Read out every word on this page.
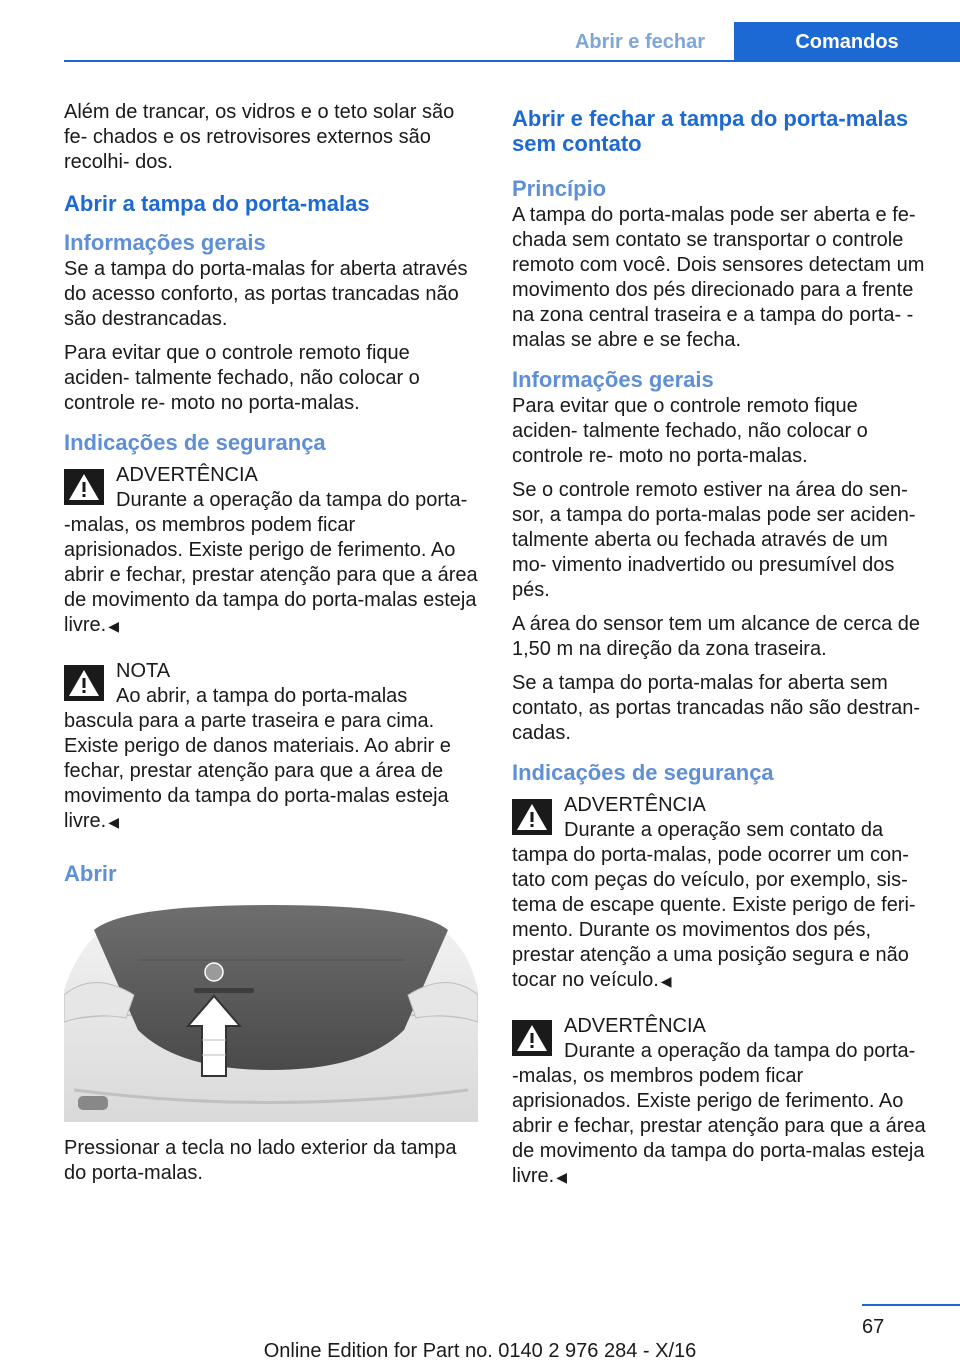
Abrir e fechar	Comandos

Além de trancar, os vidros e o teto solar são fe‐ chados e os retrovisores externos são recolhi‐ dos.

Abrir a tampa do porta-malas
Informações gerais

Se a tampa do porta-malas for aberta através do acesso conforto, as portas trancadas não são destrancadas.

Para evitar que o controle remoto fique aciden‐ talmente fechado, não colocar o controle re‐ moto no porta-malas.

Indicações de segurança
ADVERTÊNCIA
Durante a operação da tampa do porta‐ -malas, os membros podem ficar aprisionados. Existe perigo de ferimento. Ao abrir e fechar, prestar atenção para que a área de movimento da tampa do porta-malas esteja livre. ◀
NOTA
Ao abrir, a tampa do porta-malas bascula para a parte traseira e para cima. Existe perigo de danos materiais. Ao abrir e fechar, prestar atenção para que a área de movimento da tampa do porta-malas esteja livre. ◀
Abrir

Pressionar a tecla no lado exterior da tampa do porta-malas.

Abrir e fechar a tampa do porta-malas sem contato
Princípio

A tampa do porta-malas pode ser aberta e fe‐ chada sem contato se transportar o controle remoto com você. Dois sensores detectam um movimento dos pés direcionado para a frente na zona central traseira e a tampa do porta‐ -malas se abre e se fecha.

Informações gerais

Para evitar que o controle remoto fique aciden‐ talmente fechado, não colocar o controle re‐ moto no porta-malas.

Se o controle remoto estiver na área do sen‐ sor, a tampa do porta-malas pode ser aciden‐ talmente aberta ou fechada através de um mo‐ vimento inadvertido ou presumível dos pés.

A área do sensor tem um alcance de cerca de 1,50 m na direção da zona traseira.

Se a tampa do porta-malas for aberta sem contato, as portas trancadas não são destran‐ cadas.

Indicações de segurança
ADVERTÊNCIA
Durante a operação sem contato da tampa do porta-malas, pode ocorrer um con‐ tato com peças do veículo, por exemplo, sis‐ tema de escape quente. Existe perigo de feri‐ mento. Durante os movimentos dos pés, prestar atenção a uma posição segura e não tocar no veículo. ◀
ADVERTÊNCIA
Durante a operação da tampa do porta‐ -malas, os membros podem ficar aprisionados. Existe perigo de ferimento. Ao abrir e fechar, prestar atenção para que a área de movimento da tampa do porta-malas esteja livre. ◀
67
Online Edition for Part no. 0140 2 976 284 - X/16
